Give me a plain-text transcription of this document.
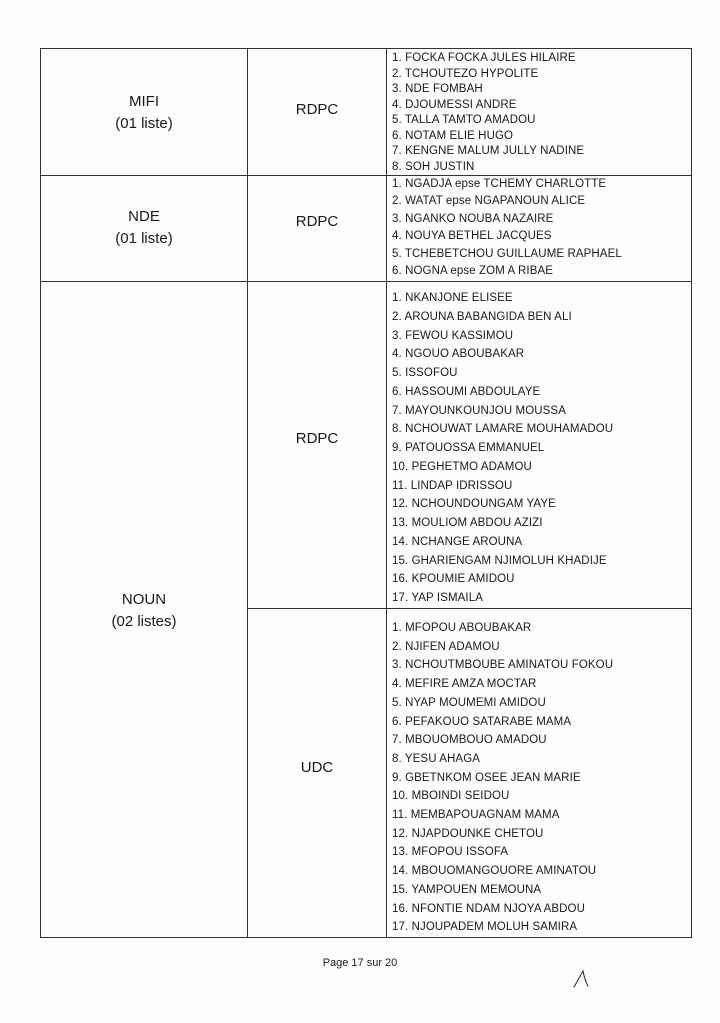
MIFI
(01 liste)
RDPC
1. FOCKA FOCKA JULES HILAIRE
2. TCHOUTEZO HYPOLITE
3. NDE FOMBAH
4. DJOUMESSI ANDRE
5. TALLA TAMTO AMADOU
6. NOTAM ELIE HUGO
7. KENGNE MALUM JULLY NADINE
8. SOH JUSTIN
NDE
(01 liste)
RDPC
1. NGADJA epse TCHEMY CHARLOTTE
2. WATAT epse NGAPANOUN ALICE
3. NGANKO NOUBA NAZAIRE
4. NOUYA BETHEL JACQUES
5. TCHEBETCHOU GUILLAUME RAPHAEL
6. NOGNA epse ZOM A RIBAE
NOUN
(02 listes)
RDPC
1. NKANJONE ELISEE
2. AROUNA BABANGIDA BEN ALI
3. FEWOU KASSIMOU
4. NGOUO ABOUBAKAR
5. ISSOFOU
6. HASSOUMI ABDOULAYE
7. MAYOUNKOUNJOU MOUSSA
8. NCHOUWAT LAMARE MOUHAMADOU
9. PATOUOSSA EMMANUEL
10. PEGHETMO ADAMOU
11. LINDAP IDRISSOU
12. NCHOUNDOUNGAM YAYE
13. MOULIOM ABDOU AZIZI
14. NCHANGE AROUNA
15. GHARIENGAM NJIMOLUH KHADIJE
16. KPOUMIE AMIDOU
17. YAP ISMAILA
UDC
1. MFOPOU ABOUBAKAR
2. NJIFEN ADAMOU
3. NCHOUTMBOUBE AMINATOU FOKOU
4. MEFIRE AMZA MOCTAR
5. NYAP MOUMEMI AMIDOU
6. PEFAKOUO SATARABE MAMA
7. MBOUOMBOUO AMADOU
8. YESU AHAGA
9. GBETNKOM OSEE JEAN MARIE
10. MBOINDI SEIDOU
11. MEMBAPOUAGNAM MAMA
12. NJAPDOUNKE CHETOU
13. MFOPOU ISSOFA
14. MBOUOMANGOUORE AMINATOU
15. YAMPOUEN MEMOUNA
16. NFONTIE NDAM NJOYA ABDOU
17. NJOUPADEM MOLUH SAMIRA
Page 17 sur 20
